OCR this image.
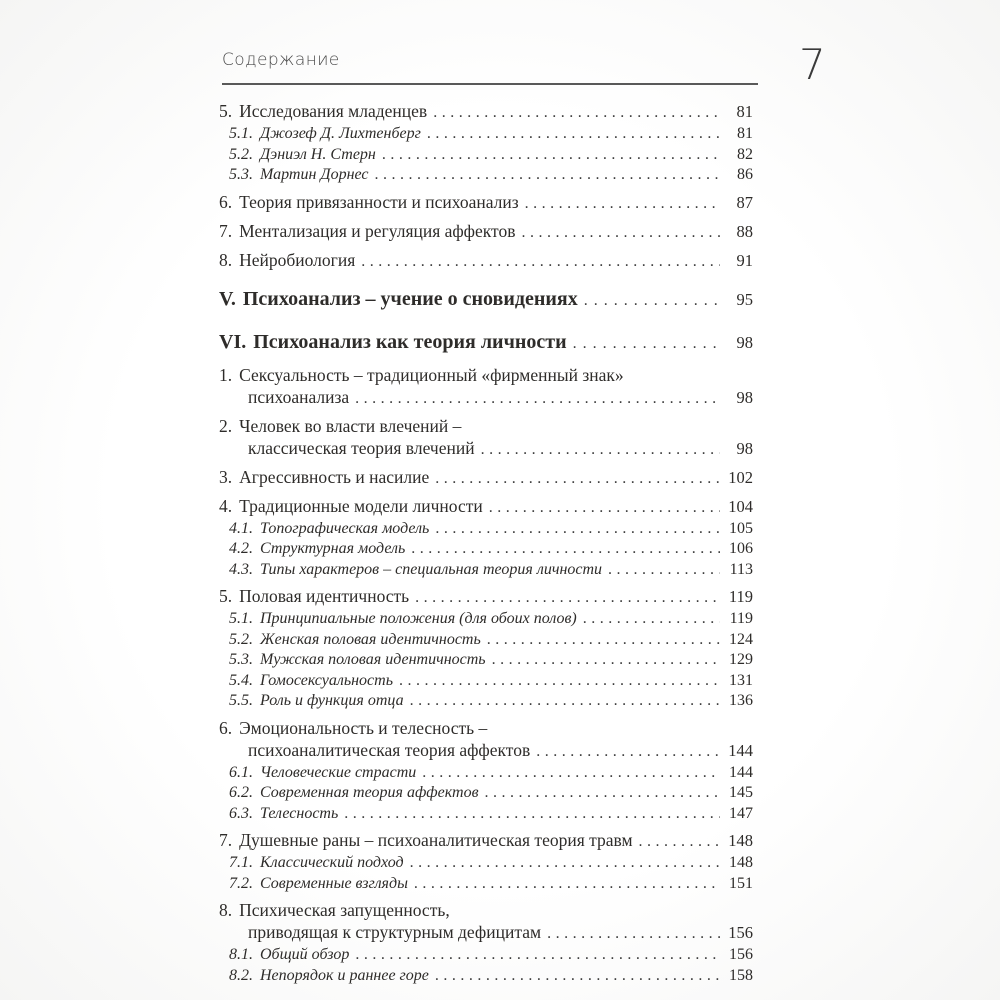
Содержание	7
5. Исследования младенцев .....	81
5.1. Джозеф Д. Лихтенберг .....	81
5.2. Дэниэл Н. Стерн .....	82
5.3. Мартин Дорнес .....	86
6. Теория привязанности и психоанализ .....	87
7. Ментализация и регуляция аффектов .....	88
8. Нейробиология .....	91
V. Психоанализ – учение о сновидениях .....	95
VI. Психоанализ как теория личности .....	98
1. Сексуальность – традиционный «фирменный знак»
психоанализа .....	98
2. Человек во власти влечений –
классическая теория влечений .....	98
3. Агрессивность и насилие .....	102
4. Традиционные модели личности .....	104
4.1. Топографическая модель .....	105
4.2. Структурная модель .....	106
4.3. Типы характеров – специальная теория личности .....	113
5. Половая идентичность .....	119
5.1. Принципиальные положения (для обоих полов) .....	119
5.2. Женская половая идентичность .....	124
5.3. Мужская половая идентичность .....	129
5.4. Гомосексуальность .....	131
5.5. Роль и функция отца .....	136
6. Эмоциональность и телесность –
психоаналитическая теория аффектов .....	144
6.1. Человеческие страсти .....	144
6.2. Современная теория аффектов .....	145
6.3. Телесность .....	147
7. Душевные раны – психоаналитическая теория травм .....	148
7.1. Классический подход .....	148
7.2. Современные взгляды .....	151
8. Психическая запущенность,
приводящая к структурным дефицитам .....	156
8.1. Общий обзор .....	156
8.2. Непорядок и раннее горе .....	158
